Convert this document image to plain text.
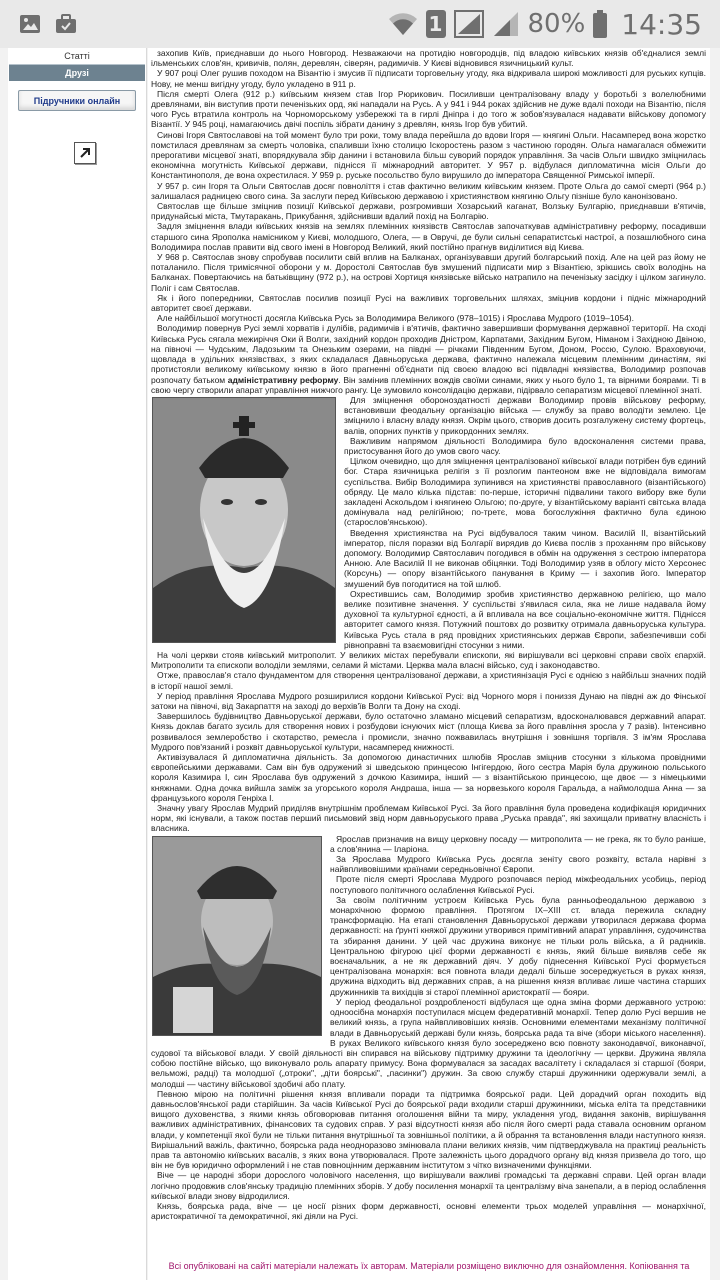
1	80% 14:35
Статті
Друзі
Підручники онлайн

захопив Київ, приєднавши до нього Новгород. Незважаючи на протидію новгородців, під владою київських князів об'єдналися землі ільменських слов'ян, кривичів, полян, деревлян, сіверян, радимичів. У Києві відновився язичницький культ.

У 907 році Олег рушив походом на Візантію і змусив її підписати торговельну угоду, яка відкривала широкі можливості для руських купців. Нову, не менш вигідну угоду, було укладено в 911 р.

Після смерті Олега (912 р.) київським князем став Ігор Рюрикович. Посиливши централізовану владу у боротьбі з волелюбними древлянами, він виступив проти печенізьких орд, які нападали на Русь. А у 941 і 944 роках здійснив не дуже вдалі походи на Візантію, після чого Русь втратила контроль на Чорноморському узбережжі та в гирлі Дніпра і до того ж зобов'язувалася надавати військову допомогу Візантії. У 945 році, намагаючись двічі поспіль зібрати данину з древлян, князь Ігор був убитий.

Синові Ігоря Святославові на той момент було три роки, тому влада перейшла до вдови Ігоря — княгині Ольги. Насамперед вона жорстко помстилася древлянам за смерть чоловіка, спаливши їхню столицю Іскоростень разом з частиною городян. Ольга намагалася обмежити прерогативи місцевої знаті, впорядкувала збір данини і встановила більш суворий порядок управління. За часів Ольги швидко зміцнилась економічна могутність Київської держави, піднісся її міжнародний авторитет. У 957 р. відбулася дипломатична місія Ольги до Константинополя, де вона охрестилася. У 959 р. руське посольство було вирушило до імператора Священної Римської імперії.

У 957 р. син Ігоря та Ольги Святослав досяг повноліття і став фактично великим київським князем. Проте Ольга до самої смерті (964 р.) залишалася радницею свого сина. За заслуги перед Київською державою і християнством княгиню Ольгу пізніше було канонізовано.

Святослав ще більше зміцнив позиції Київської держави, розгромивши Хозарський каганат, Волзьку Булгарію, приєднавши в'ятичів, придунайські міста, Тмутаракань, Прикубання, здійснивши вдалий похід на Болгарію.

Задля зміцнення влади київських князів на землях племінних князівств Святослав започаткував адміністративну реформу, посадивши старшого сина Ярополка намісником у Києві, молодшого, Олега, — в Овручі, де були сильні сепаратистські настрої, а позашлюбного сина Володимира послав правити від свого імені в Новгород Великий, який постійно прагнув виділитися від Києва.

У 968 р. Святослав знову спробував посилити свій вплив на Балканах, організувавши другий болгарський похід. Але на цей раз йому не поталанило. Після тримісячної оборони у м. Доростолі Святослав був змушений підписати мир з Візантією, зрікшись своїх володінь на Балканах. Повертаючись на батьківщину (972 р.), на острові Хортиця князівське військо натрапило на печенізьку засідку і цілком загинуло. Поліг і сам Святослав.

Як і його попередники, Святослав посилив позиції Русі на важливих торговельних шляхах, зміцнив кордони і підніс міжнародний авторитет своєї держави.

Але найбільшої могутності досягла Київська Русь за Володимира Великого (978–1015) і Ярослава Мудрого (1019–1054).

Володимир повернув Русі землі хорватів і дулібів, радимичів і в'ятичів, фактично завершивши формування державної території. На сході Київська Русь сягала межиріччя Оки й Волги, західний кордон проходив Дністром, Карпатами, Західним Бугом, Німаном і Західною Двіною, на півночі — Чудським, Ладозьким та Онезьким озерами, на півдні — річками Південним Бугом, Доном, Россю, Сулою. Враховуючи, щовлада в удільних князівствах, з яких складалася Давньоруська держава, фактично належала місцевим племінним династіям, які протистояли великому київському князю в його прагненні об'єднати під своєю владою всі підвладні князівства, Володимир розпочав розпочату батьком адміністративну реформу. Він замінив племінних вождів своїми синами, яких у нього було 1, та вірними боярами. Ті в свою чергу створили апарат управління нижчого рангу. Це зумовило консолідацію держави, підірвало сепаратизм місцевої племінної знаті.

Для зміцнення обороноздатності держави Володимир провів військову реформу, встановивши феодальну організацію війська — службу за право володіти землею. Це зміцнило і власну владу князя. Окрім цього, створив досить розгалужену систему фортець, валів, опорних пунктів у прикордонних землях.

Важливим напрямом діяльності Володимира було вдосконалення системи права, пристосування його до умов свого часу.

Цілком очевидно, що для зміцнення централізованої київської влади потрібен був єдиний бог. Стара язичницька релігія з її розлогим пантеоном вже не відповідала вимогам суспільства. Вибір Володимира зупинився на християнстві православного (візантійського) обряду. Це мало кілька підстав: по-перше, історичні підвалини такого вибору вже були закладені Аскольдом і княгинею Ольгою; по-друге, у візантійському варіанті світська влада домінувала над релігійною; по-третє, мова богослужіння фактично була єдиною (старослов'янською).

Введення християнства на Русі відбувалося таким чином. Василій ІІ, візантійський імператор, після поразки від Болгарії вирядив до Києва послів з проханням про військову допомогу. Володимир Святославич погодився в обмін на одруження з сестрою імператора Анною. Але Василій ІІ не виконав обіцянки. Тоді Володимир узяв в облогу місто Херсонес (Корсунь) — опору візантійського панування в Криму — і захопив його. Імператор змушений був погодитися на той шлюб.

Охрестившись сам, Володимир зробив християнство державною релігією, що мало велике позитивне значення. У суспільстві з'явилася сила, яка не лише надавала йому духовної та культурної єдності, а й впливала на все соціально-економічне життя. Піднісся авторитет самого князя. Потужний поштовх до розвитку отримала давньоруська культура. Київська Русь стала в ряд провідних християнських держав Європи, забезпечивши собі рівноправні та взаємовигідні стосунки з ними.

На чолі церкви стояв київський митрополит. У великих містах перебували єпископи, які вирішували всі церковні справи своїх єпархій. Митрополити та єпископи володіли землями, селами й містами. Церква мала власні військо, суд і законодавство.

Отже, православ'я стало фундаментом для створення централізованої держави, а християнізація Русі є однією з найбільш значних подій в історії нашої землі.

У період правління Ярослава Мудрого розширилися кордони Київської Русі: від Чорного моря і пониззя Дунаю на півдні аж до Фінської затоки на півночі, від Закарпаття на заході до верхів'їв Волги та Дону на сході.

Завершилось будівництво Давньоруської держави, було остаточно зламано місцевий сепаратизм, вдосконалювався державний апарат. Князь доклав багато зусиль для створення нових і розбудови існуючих міст (площа Києва за його правління зросла у 7 разів). Інтенсивно розвивалося землеробство і скотарство, ремесла і промисли, значно пожвавилась внутрішня і зовнішня торгівля. З ім'ям Ярослава Мудрого пов'язаний і розквіт давньоруської культури, насамперед книжності.

Активізувалася й дипломатична діяльність. За допомогою династичних шлюбів Ярослав зміцнив стосунки з кількома провідними європейськими державами. Сам він був одружений зі шведською принцесою Інгігердою, його сестра Марія була дружиною польського короля Казимира І, син Ярослава був одружений з дочкою Казимира, інший — з візантійською принцесою, ще двоє — з німецькими княжнами. Одна дочка вийшла заміж за угорського короля Андраша, інша — за норвезького короля Гаральда, а наймолодша Анна — за французького короля Генріха І.

Значну увагу Ярослав Мудрий приділяв внутрішнім проблемам Київської Русі. За його правління була проведена кодифікація юридичних норм, які існували, а також постав перший письмовий звід норм давньоруського права „Руська правда", які захищали приватну власність і власника.

Ярослав призначив на вищу церковну посаду — митрополита — не грека, як то було раніше, а слов'янина — Іларіона.

За Ярослава Мудрого Київська Русь досягла зеніту свого розквіту, встала нарівні з найвпливовішими країнами середньовічної Європи.

Проте після смерті Ярослава Мудрого розпочався період міжфеодальних усобиць, період поступового політичного ослаблення Київської Русі.

За своїм політичним устроєм Київська Русь була ранньофеодальною державою з монархічною формою правління. Протягом ІХ–ХІІІ ст. влада пережила складну трансформацію. На етапі становлення Давньоруської держави утворилася держава форма державності: на ґрунті княжої дружини утворився примітивний апарат управління, судочинства та збирання данини. У цей час дружина виконує не тільки роль війська, а й радників. Центральною фігурою цієї форми державності є князь, який більше виявляв себе як воєначальник, а не як державний діяч. У добу піднесення Київської Русі формується централізована монархія: вся повнота влади дедалі більше зосереджується в руках князя, дружина відходить від державних справ, а на рішення князя впливає лише частина старших дружинників та вихідців зі старої племінної аристократії — бояри.

У період феодальної роздробленості відбулася ще одна зміна форми державного устрою: одноосібна монархія поступилася місцем федеративній монархії. Тепер долю Русі вершив не великий князь, а група найвпливовіших князів. Основними елементами механізму політичної влади в Давньоруській державі були князь, боярська рада та віче (збори міського населення). В руках Великого київського князя було зосереджено всю повноту законодавчої, виконавчої, судової та військової влади. У своїй діяльності він спирався на військову підтримку дружини та ідеологічну — церкви. Дружина являла собою постійне військо, що виконувало роль апарату примусу. Вона формувалася за засадах васалітету і складалася зі старшої (бояри, вельможі, радці) та молодшої („отроки", „діти боярські", „пасинки") дружин. За свою службу старші дружинники одержували землі, а молодші — частину військової здобичі або плату.

Певною мірою на політичні рішення князя впливали поради та підтримка боярської ради. Цей дорадчий орган походить від давньослов'янської ради старійшин. За часів Київської Русі до боярської ради входили старші дружинники, міська еліта та представники вищого духовенства, з якими князь обговорював питання оголошення війни та миру, укладення угод, видання законів, вирішування важливих адміністративних, фінансових та судових справ. У разі відсутності князя або після його смерті рада ставала основним органом влади, у компетенції якої були не тільки питання внутрішньої та зовнішньої політики, а й обрання та встановлення влади наступного князя. Вирішальний важіль, фактично, боярська рада неодноразово змінювала плани великих князів, чим підтверджувала на практиці реальність прав та автономію київських васалів, з яких вона утворювалася. Проте залежність цього дорадчого органу від князя призвела до того, що він не був юридично оформлений і не став повноцінним державним інститутом з чітко визначеними функціями.

Віче — це народні збори дорослого чоловічого населення, що вирішували важливі громадські та державні справи. Цей орган влади логічно продовжив слов'янську традицію племінних зборів. У добу посилення монархії та централізму віча занепали, а в період ослаблення київської влади знову відродилися.

Князь, боярська рада, віче — це носії різних форм державності, основні елементи трьох моделей управління — монархічної, аристократичної та демократичної, які діяли на Русі.

Всі опубліковані на сайті матеріали належать їх авторам. Матеріали розміщено виключно для ознайомлення. Копіювання та
